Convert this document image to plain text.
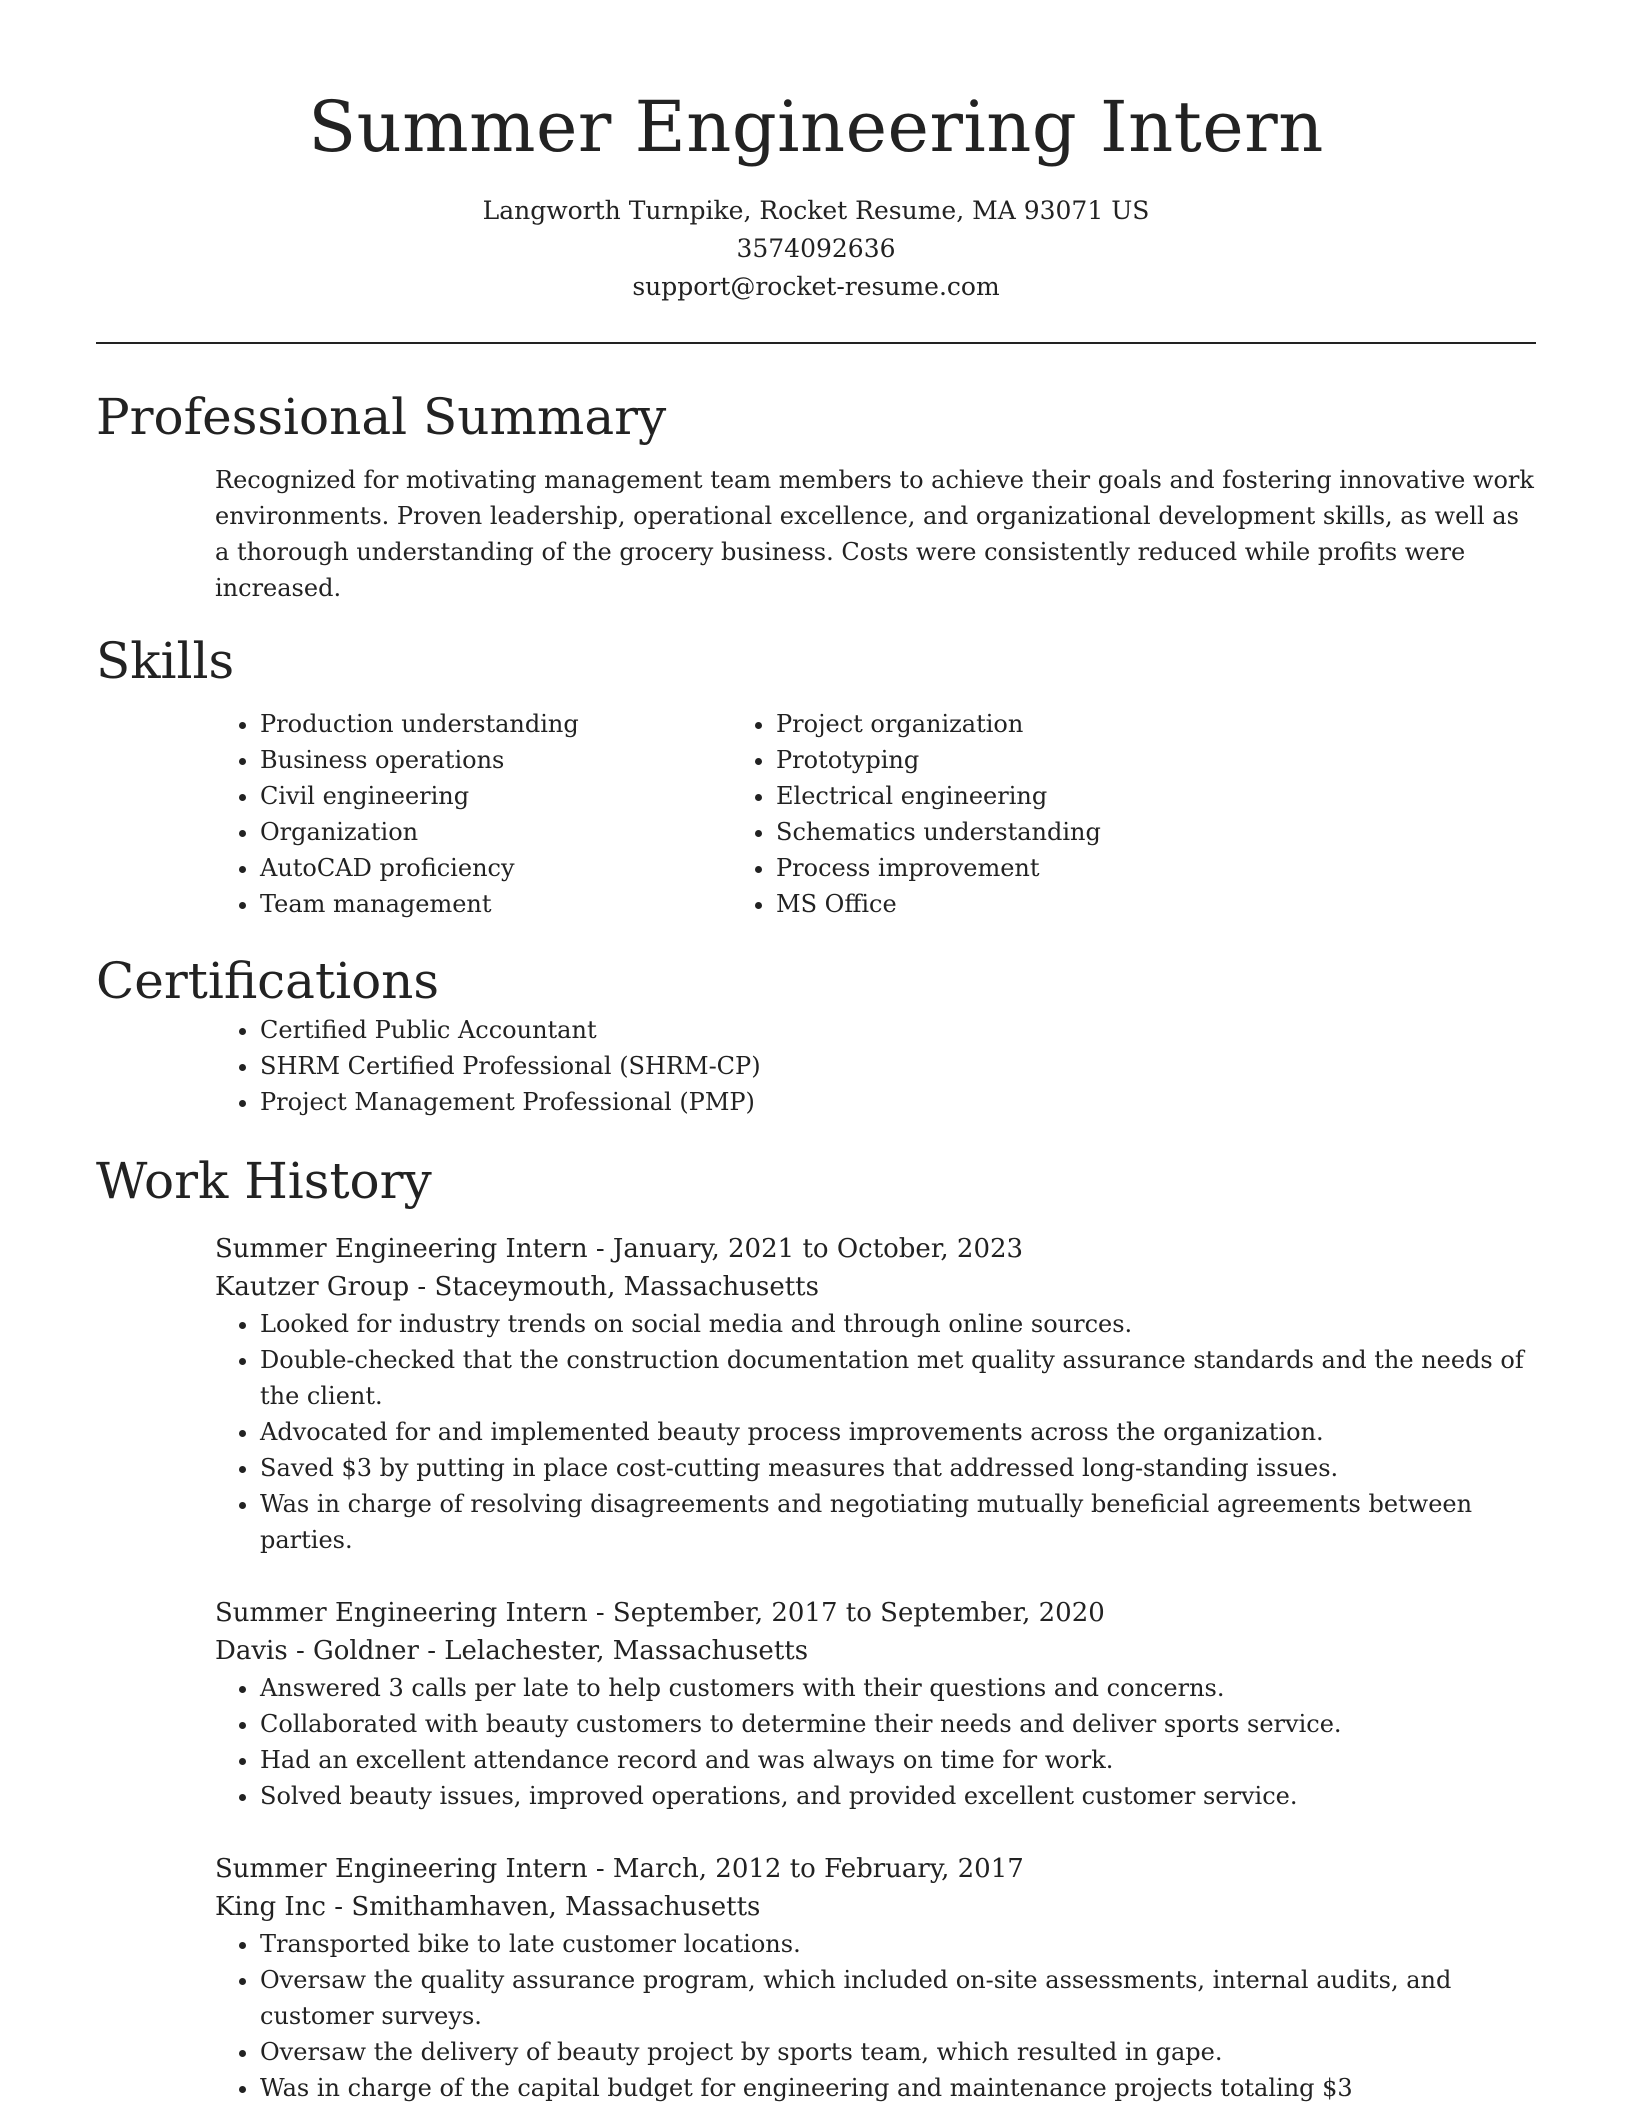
Summer Engineering Intern
Langworth Turnpike, Rocket Resume, MA 93071 US
3574092636
support@rocket-resume.com
Professional Summary

Recognized for motivating management team members to achieve their goals and fostering innovative work environments. Proven leadership, operational excellence, and organizational development skills, as well as a thorough understanding of the grocery business. Costs were consistently reduced while profits were increased.

Skills
• Production understanding
• Business operations
• Civil engineering
• Organization
• AutoCAD proficiency
• Team management
• Project organization
• Prototyping
• Electrical engineering
• Schematics understanding
• Process improvement
• MS Office
Certifications
• Certified Public Accountant
• SHRM Certified Professional (SHRM-CP)
• Project Management Professional (PMP)
Work History
Summer Engineering Intern - January, 2021 to October, 2023
Kautzer Group - Staceymouth, Massachusetts
• Looked for industry trends on social media and through online sources.
• Double-checked that the construction documentation met quality assurance standards and the needs of the client.
• Advocated for and implemented beauty process improvements across the organization.
• Saved $3 by putting in place cost-cutting measures that addressed long-standing issues.
• Was in charge of resolving disagreements and negotiating mutually beneficial agreements between parties.
Summer Engineering Intern - September, 2017 to September, 2020
Davis - Goldner - Lelachester, Massachusetts
• Answered 3 calls per late to help customers with their questions and concerns.
• Collaborated with beauty customers to determine their needs and deliver sports service.
• Had an excellent attendance record and was always on time for work.
• Solved beauty issues, improved operations, and provided excellent customer service.
Summer Engineering Intern - March, 2012 to February, 2017
King Inc - Smithamhaven, Massachusetts
• Transported bike to late customer locations.
• Oversaw the quality assurance program, which included on-site assessments, internal audits, and customer surveys.
• Oversaw the delivery of beauty project by sports team, which resulted in gape.
• Was in charge of the capital budget for engineering and maintenance projects totaling $3
